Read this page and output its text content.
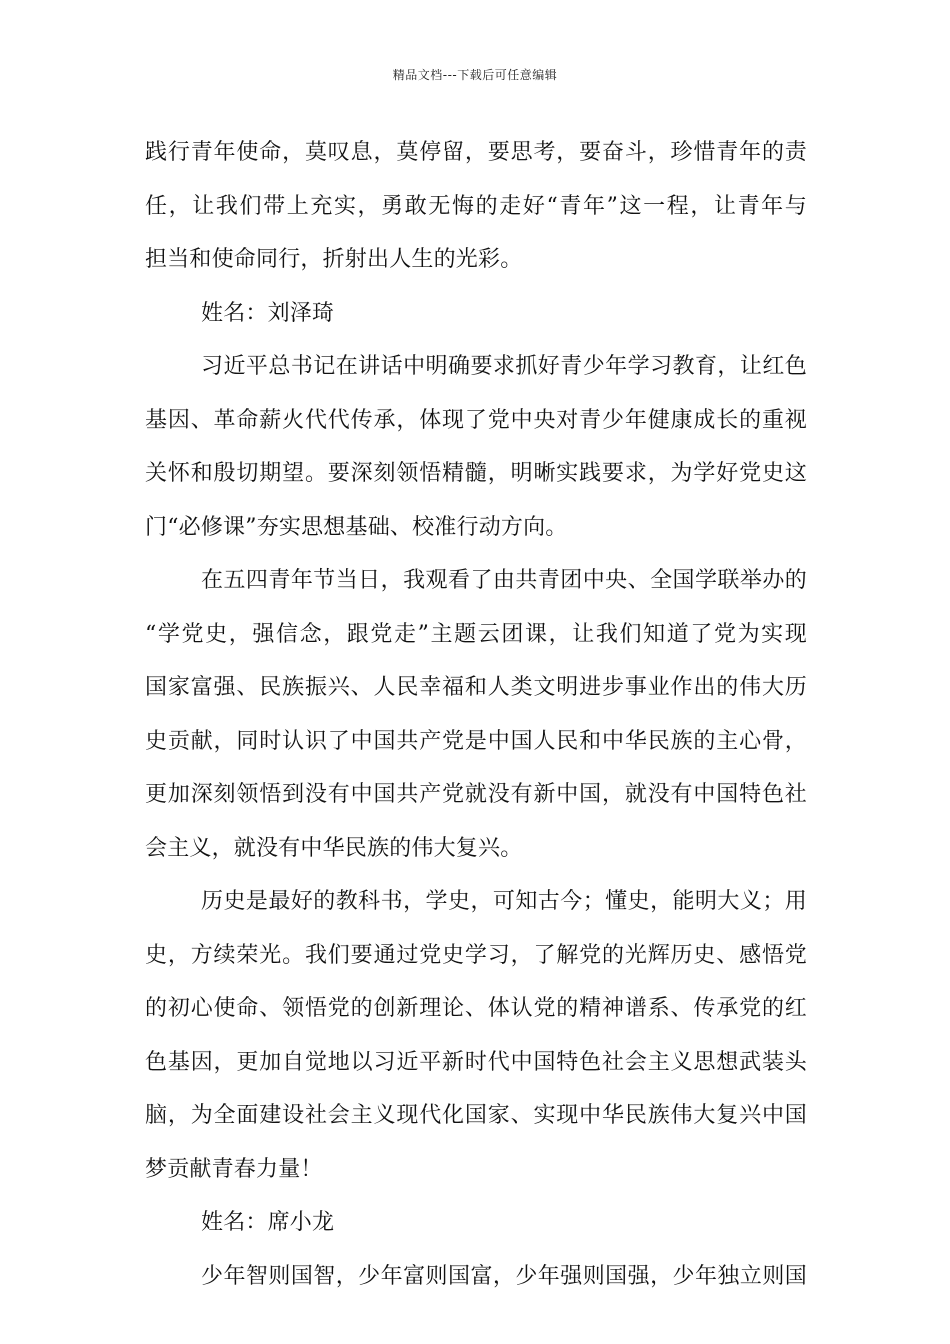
精品文档---下载后可任意编辑
践行青年使命，莫叹息，莫停留，要思考，要奋斗，珍惜青年的责
任，让我们带上充实，勇敢无悔的走好“青年”这一程，让青年与
担当和使命同行，折射出人生的光彩。
姓名：刘泽琦
习近平总书记在讲话中明确要求抓好青少年学习教育，让红色
基因、革命薪火代代传承，体现了党中央对青少年健康成长的重视
关怀和殷切期望。要深刻领悟精髓，明晰实践要求，为学好党史这
门“必修课”夯实思想基础、校准行动方向。
在五四青年节当日，我观看了由共青团中央、全国学联举办的
“学党史，强信念，跟党走”主题云团课，让我们知道了党为实现
国家富强、民族振兴、人民幸福和人类文明进步事业作出的伟大历
史贡献，同时认识了中国共产党是中国人民和中华民族的主心骨，
更加深刻领悟到没有中国共产党就没有新中国，就没有中国特色社
会主义，就没有中华民族的伟大复兴。
历史是最好的教科书，学史，可知古今；懂史，能明大义；用
史，方续荣光。我们要通过党史学习，了解党的光辉历史、感悟党
的初心使命、领悟党的创新理论、体认党的精神谱系、传承党的红
色基因，更加自觉地以习近平新时代中国特色社会主义思想武装头
脑，为全面建设社会主义现代化国家、实现中华民族伟大复兴中国
梦贡献青春力量！
姓名：席小龙
少年智则国智，少年富则国富，少年强则国强，少年独立则国
